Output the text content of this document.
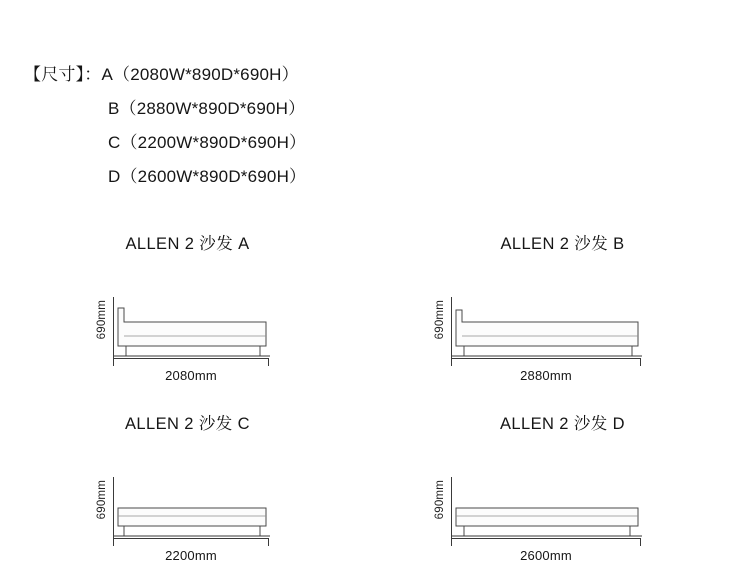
【尺寸】：A（2080W*890D*690H）
B（2880W*890D*690H）
C（2200W*890D*690H）
D（2600W*890D*690H）
ALLEN 2 沙发 A
690mm
2080mm
ALLEN 2 沙发 B
690mm
2880mm
ALLEN 2 沙发 C
690mm
2200mm
ALLEN 2 沙发 D
690mm
2600mm
